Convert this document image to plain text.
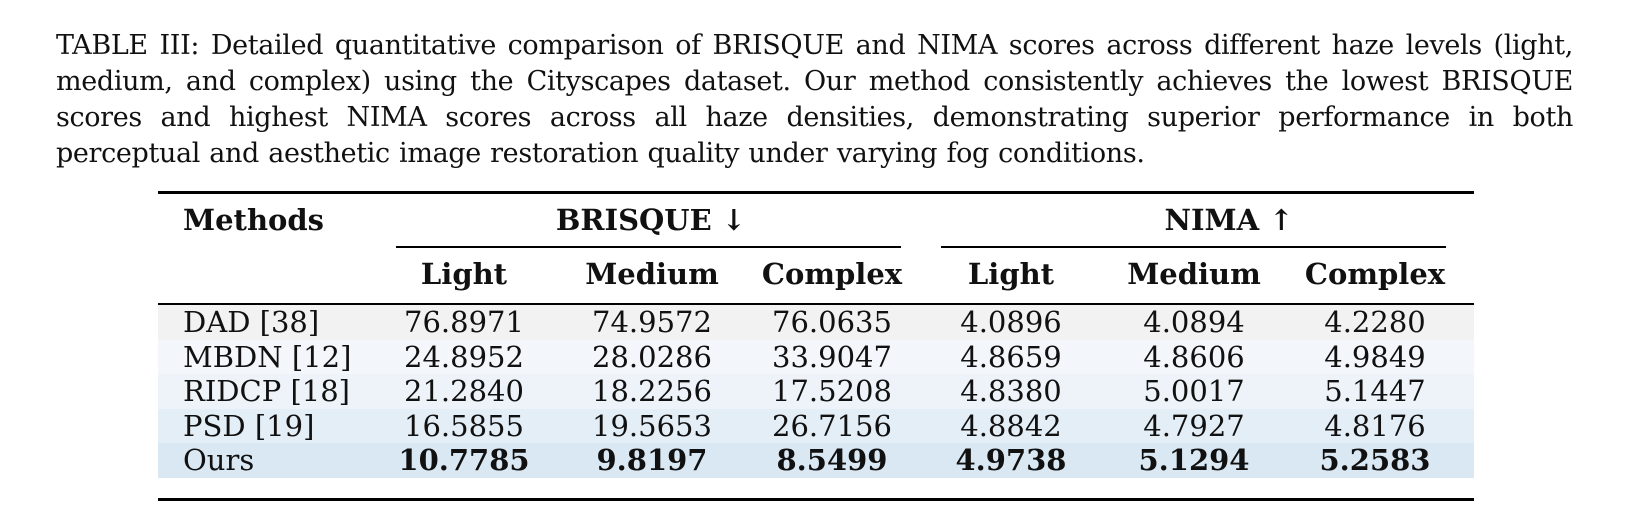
TABLE III: Detailed quantitative comparison of BRISQUE and NIMA scores across different haze levels (light, medium, and complex) using the Cityscapes dataset. Our method consistently achieves the lowest BRISQUE scores and highest NIMA scores across all haze densities, demonstrating superior performance in both perceptual and aesthetic image restoration quality under varying fog conditions.
Methods	BRISQUE ↓	NIMA ↑
Light	Medium Complex Light	Medium Complex
DAD [38]	76.8971 74.9572 76.0635 4.0896	4.0894	4.2280
MBDN [12] 24.8952 28.0286 33.9047 4.8659	4.8606	4.9849
RIDCP [18] 21.2840 18.2256 17.5208 4.8380	5.0017	5.1447
PSD [19]	16.5855 19.5653 26.7156 4.8842	4.7927	4.8176
Ours	10.7785 9.8197 8.5499 4.9738 5.1294 5.2583
